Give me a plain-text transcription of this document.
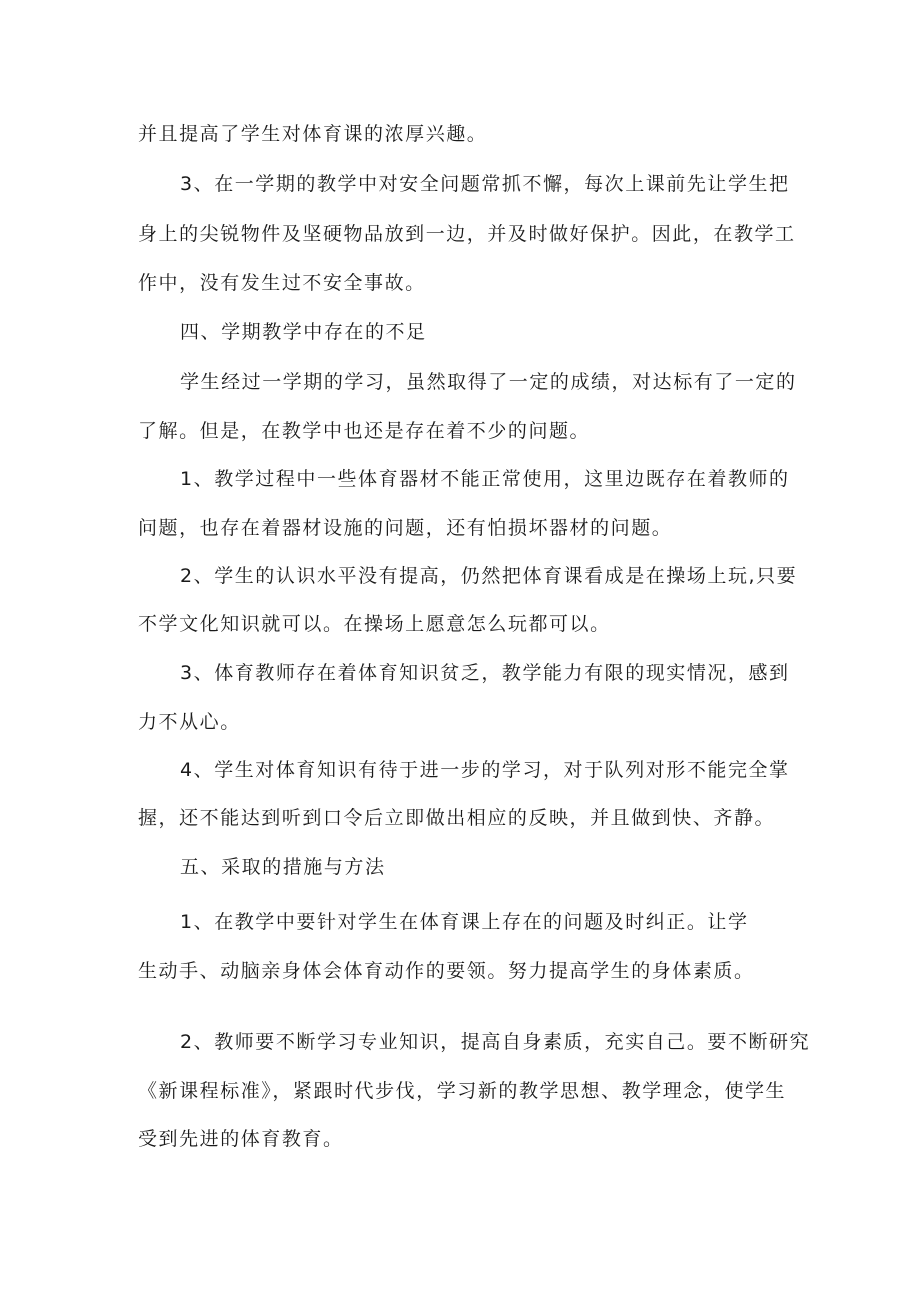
并且提高了学生对体育课的浓厚兴趣。
3、在一学期的教学中对安全问题常抓不懈，每次上课前先让学生把
身上的尖锐物件及坚硬物品放到一边，并及时做好保护。因此，在教学工
作中，没有发生过不安全事故。
四、学期教学中存在的不足
学生经过一学期的学习，虽然取得了一定的成绩，对达标有了一定的
了解。但是，在教学中也还是存在着不少的问题。
1、教学过程中一些体育器材不能正常使用，这里边既存在着教师的
问题，也存在着器材设施的问题，还有怕损坏器材的问题。
2、学生的认识水平没有提高，仍然把体育课看成是在操场上玩,只要
不学文化知识就可以。在操场上愿意怎么玩都可以。
3、体育教师存在着体育知识贫乏，教学能力有限的现实情况，感到
力不从心。
4、学生对体育知识有待于进一步的学习，对于队列对形不能完全掌
握，还不能达到听到口令后立即做出相应的反映，并且做到快、齐静。
五、采取的措施与方法
1、在教学中要针对学生在体育课上存在的问题及时纠正。让学
生动手、动脑亲身体会体育动作的要领。努力提高学生的身体素质。
2、教师要不断学习专业知识，提高自身素质，充实自己。要不断研究
《新课程标准》，紧跟时代步伐，学习新的教学思想、教学理念，使学生
受到先进的体育教育。
